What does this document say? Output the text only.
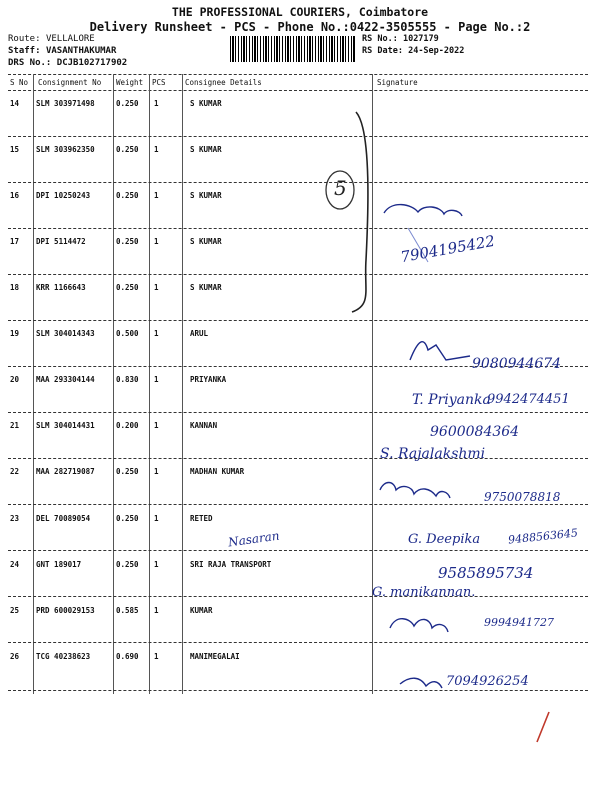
THE PROFESSIONAL COURIERS, Coimbatore
Delivery Runsheet - PCS - Phone No.:0422-3505555 - Page No.:2
Route: VELLALORE
Staff: VASANTHAKUMAR
DRS No.: DCJB102717902
RS No.: 1027179
RS Date: 24-Sep-2022
S No Consignment No Weight PCS	Consignee Details	Signature
14 SLM 303971498	0.250 1	S KUMAR
15 SLM 303962350	0.250 1	S KUMAR
16 DPI 10250243	0.250 1	S KUMAR
17 DPI 5114472	0.250 1	S KUMAR
18 KRR 1166643	0.250 1	S KUMAR
19 SLM 304014343	0.500 1	ARUL
20 MAA 293304144	0.830 1	PRIYANKA
21 SLM 304014431	0.200 1	KANNAN
22 MAA 282719087	0.250 1	MADHAN KUMAR
23 DEL 70089054	0.250 1	RETED
24 GNT 189017	0.250 1	SRI RAJA TRANSPORT
25 PRD 600029153	0.585 1	KUMAR
26 TCG 40238623	0.690 1	MANIMEGALAI
5
7904195422
9080944674
T. Priyanka
9942474451
9600084364
S. Rajalakshmi
9750078818
Nasaran	G. Deepika 9488563645
9585895734
G. manikannan.
9994941727
7094926254
